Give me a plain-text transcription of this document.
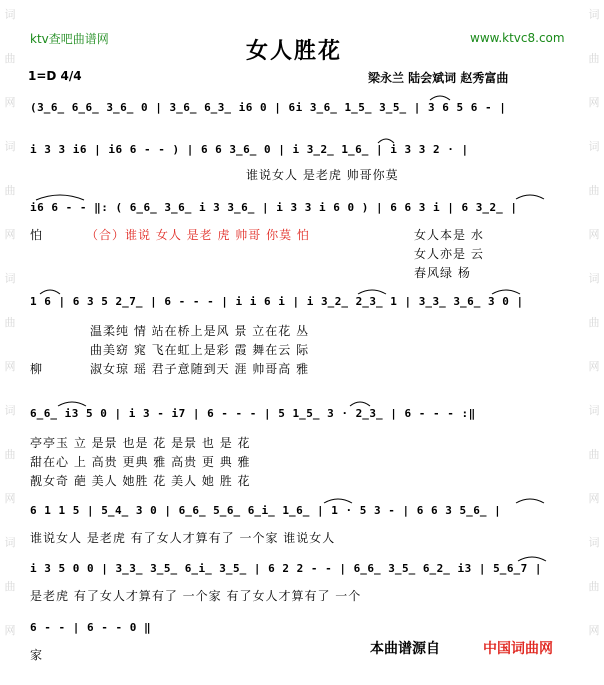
词
曲
网
词
曲
网
词
曲
网
词
曲
网
词
曲
网
词
曲
网
词
曲
网
词
曲
网
词
曲
网
词
曲
网
ktv查吧曲谱网	www.ktvc8.com
女人胜花
1=D 4/4	梁永兰 陆会斌词 赵秀富曲
(3̲6̲ 6̲6̲ 3̲6̲ 0 | 3̲6̲ 6̲3̲ i6 0 | 6i 3̲6̲ 1̲5̲ 3̲5̲ | 3 6 5 6 - |
i 3 3 i6 | i6 6 - - ) | 6 6 3̲6̲ 0 | i 3̲2̲ 1̲6̲ | i 3 3 2 · |
谁说女人 是老虎 帅哥你莫
i6 6 - - ‖: ( 6̲6̲ 3̲6̲ i 3 3̲6̲ | i 3 3 i 6 0 ) | 6 6 3 i | 6 3̲2̲ |
怕	（合）谁说 女人 是老 虎 帅哥 你莫 怕	女人本是 水
女人亦是 云
春风绿 杨
1 6 | 6 3 5 2̲7̲ | 6 - - - | i i 6 i | i 3̲2̲ 2̲3̲ 1 | 3̲3̲ 3̲6̲ 3 0 |
温柔纯 情 站在桥上是风 景 立在花 丛
曲美窈 窕 飞在虹上是彩 霞 舞在云 际
柳	淑女琼 瑶 君子意随到天 涯 帅哥高 雅
6̲6̲ i3 5 0 | i 3 - i7 | 6 - - - | 5 1̲5̲ 3 · 2̲3̲ | 6 - - - :‖
亭亭玉 立 是景 也是 花 是景 也 是 花
甜在心 上 高贵 更典 雅 高贵 更 典 雅
靓女奇 葩 美人 她胜 花 美人 她 胜 花
6 1 1 5 | 5̲4̲ 3 0 | 6̲6̲ 5̲6̲ 6̲i̲ 1̲6̲ | 1 · 5 3 - | 6 6 3 5̲6̲ |
谁说女人 是老虎 有了女人才算有了 一个家 谁说女人
i 3 5 0 0 | 3̲3̲ 3̲5̲ 6̲i̲ 3̲5̲ | 6 2 2 - - | 6̲6̲ 3̲5̲ 6̲2̲ i3 | 5̲6̲7 |
是老虎 有了女人才算有了 一个家 有了女人才算有了 一个
6 - - | 6 - - 0 ‖
家	本曲谱源自	中国词曲网
